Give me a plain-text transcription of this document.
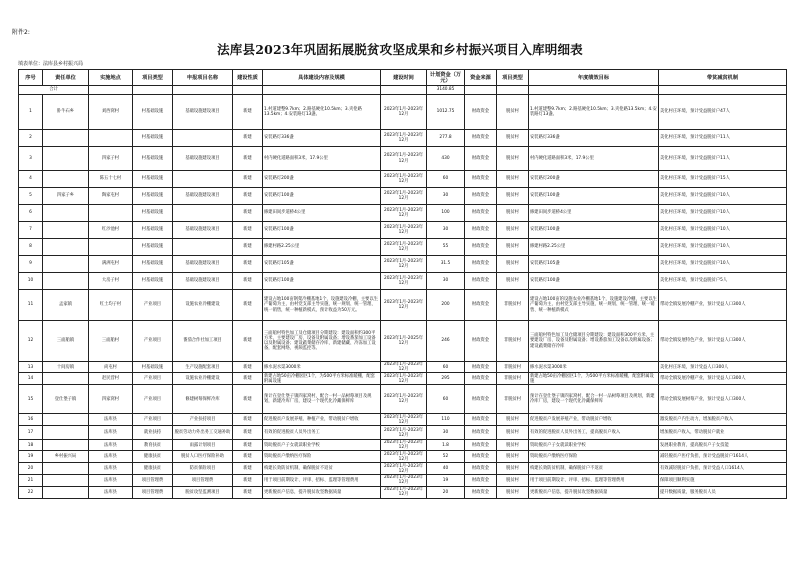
附件2:
法库县2023年巩固拓展脱贫攻坚成果和乡村振兴项目入库明细表
填表单位：法库县乡村振兴局
序号	责任单位	实施地点	项目类型	申报项目名称	建设性质	具体建设内容及规模	建设时间	计划资金（万元）	资金来源	项目类型	年度绩效目标	带贫减贫机制
合计								3140.85				
1	卧牛石乡	刘西窝村	村基础设施	基础设施建设项目	新建	1.村道建整9.7km；2.路基硬化10.5km；3.夹伦路13.5km；4.安装路灯13盏。	2023年1月-2023年12月	1012.75	财政资金	脱贫村	1.村道建整9.7km；2.路基硬化10.5km；3.夹伦路13.5km；4.安装路灯13盏。	美化村庄环境，预计受益脱贫户47人
2			村基础设施		新建	安装路灯336盏	2023年1月-2023年12月	277.8	财政资金	脱贫村	安装路灯336盏	美化村庄环境，预计受益脱贫户11人
3		四家子村	村基础设施	基础设施建设项目	新建	村内硬化道路面积3米，17.9公里	2023年1月-2023年12月	430	财政资金	脱贫村	村内硬化道路面积3米，17.9公里	美化村庄环境，预计受益脱贫户11人
4		陈五十七村	村基础设施		新建	安装路灯200盏	2023年1月-2023年12月	60	财政资金	脱贫村	安装路灯200盏	美化村庄环境，预计受益脱贫户15人
5	四家子乡	陶家屯村	村基础设施	基础设施建设项目	新建	安装路灯100盏	2023年1月-2023年12月	30	财政资金	脱贫村	安装路灯100盏	美化村庄环境，预计受益脱贫户10人
6			村基础设施		新建	修建田间步道桥4公里	2023年1月-2023年12月	100	财政资金	脱贫村	修建田间步道桥4公里	美化村庄环境，预计受益脱贫户10人
7		红沙池村	村基础设施	基础设施建设项目	新建	安装路灯100盏	2023年1月-2023年12月	30	财政资金	脱贫村	安装路灯100盏	美化村庄环境，预计受益脱贫户10人
8			村基础设施		新建	修建村路2.25公里	2023年1月-2023年12月	55	财政资金	脱贫村	修建村路2.25公里	美化村庄环境，预计受益脱贫户10人
9		满洲屯村	村基础设施	基础设施建设项目	新建	安装路灯105盏	2023年1月-2023年12月	31.5	财政资金	脱贫村	安装路灯105盏	美化村庄环境，预计受益脱贫户10人
10		大房子村	村基础设施	基础设施建设项目	新建	安装路灯100盏	2023年1月-2023年12月	30	财政资金	脱贫村	安装路灯100盏	美化村庄环境，预计受益脱贫户5人
11	孟家镇	红土均子村	产业项目	设施农业冷棚建设	新建	建设占地100亩钢架冷棚基地1个，设施建设冷棚，主要以生产葡萄为主，由村党支部主导实施，统一规划、统一管理、统一销售，统一种植新模式，预计收益为50万元。	2023年1月-2023年12月	200	财政资金	非脱贫村	建设占地100亩的设施农业冷棚基地1个，设施建设冷棚，主要以生产葡萄为主，由村党支部主导实施，统一规划、统一管理、统一销售、统一种植新模式	带动全镇发展冷棚产业，预计受益人口300人
12	三面船镇	三面船村	产业项目	番茄合作社加工项目	新建	三面船村特色加工及仓储项目分期建设：建设面积约300平方米，主要建设厂房、设备及附属设备；增设番茄加工设备以及附属设备；建设蔬菜储存冷库，新建储藏、冷冻加工设备，配套网络、视频监控等。	2023年1月-2025年12月	246	财政资金	非脱贫村	三面船村特色加工及仓储项目分期建设：建设面积300平方米，主要建设厂房、设备及附属设备；增设番茄加工设备以及附属设备；建设蔬菜储存冷库	带动全镇发展特色产业，预计受益人口300人
13	十间房镇	尚屯村	村基础设施	生产设施配套项目	新建	修水泥水渠3000米	2023年1月-2023年12月	60	财政资金	非脱贫村	修水泥水渠3000米	美化村庄环境，预计受益人口300人
14		赵民营村	产业项目	设施农业冷棚建设	新建	新建占地50亩冷棚园区1个，为500平方米标准暖棚，配套附属设施	2023年1月-2023年12月	295	财政资金	非脱贫村	新建占地50亩冷棚园区1个，为500平方米标准暖棚，配套附属设施	带动全镇发展冷棚产业，预计受益人口300人
15	登仕堡子镇	四家窝村	产业项目	修建树莓保鲜冷库	新建	预计在登仕堡子镇四家窝村，配合一村一品树莓项目及规划，新建冷库厂房，建设一个现代化冷藏保鲜库	2023年1月-2023年12月	60	财政资金	非脱贫村	预计在登仕堡子镇四家窝村，配合一村一品树莓项目及规划，新建冷库厂房，建设一个现代化冷藏保鲜库	带动全镇发展树莓产业，预计受益人口300人
16		法库县	产业项目	产业扶持项目	新建	促进脱贫户发展养殖、种植产业，带动脱贫户增收	2023年1月-2023年12月	110	财政资金	脱贫村	促进脱贫户发展养殖产业，带动脱贫户增收	激发脱贫户内生动力，增加脱贫户收入
17		法库县	就业扶持	脱贫劳动力外出务工交通补助	新建	有效的促进脱贫人员外出务工	2023年1月-2023年12月	30	财政资金	脱贫村	有效的促进脱贫人员外出务工，提高脱贫户收入	增加脱贫户收入，带动脱贫户就业
18		法库县	教育扶贫	雨露计划项目	新建	资助脱贫户子女就读职业学校	2023年1月-2023年12月	1.8	财政资金	脱贫村	资助脱贫户子女就读职业学校	发展职业教育，提高脱贫户子女技能
19	乡村振兴局	法库县	健康扶贫	脱贫人口医疗保险补助	新建	资助脱贫户缴纳医疗保险	2023年1月-2023年12月	52	财政资金	脱贫村	资助脱贫户缴纳医疗保险	减轻脱贫户医疗负担，预计受益脱贫户1614人
20		法库县	健康扶贫	防贫保险项目	新建	构建长效防贫机制，确保脱贫不返贫	2023年1月-2023年12月	40	财政资金	脱贫村	构建长效防贫机制，确保脱贫户不返贫	有效减轻脱贫户负担，预计受益人口1614人
21		法库县	项目管理费	项目管理费	新建	用于项目前期设计、评审、招标、监理等管理费用	2023年1月-2023年12月	19	财政资金	脱贫村	用于项目前期设计、评审、招标、监理等管理费用	保障项目顺利实施
22		法库县	项目管理费	脱贫攻坚监测项目	新建	更新脱贫户信息，提升脱贫攻坚数据质量	2023年1月-2023年12月	20	财政资金	脱贫村	更新脱贫户信息，提升脱贫攻坚数据质量	提升数据质量，服务脱贫人员
